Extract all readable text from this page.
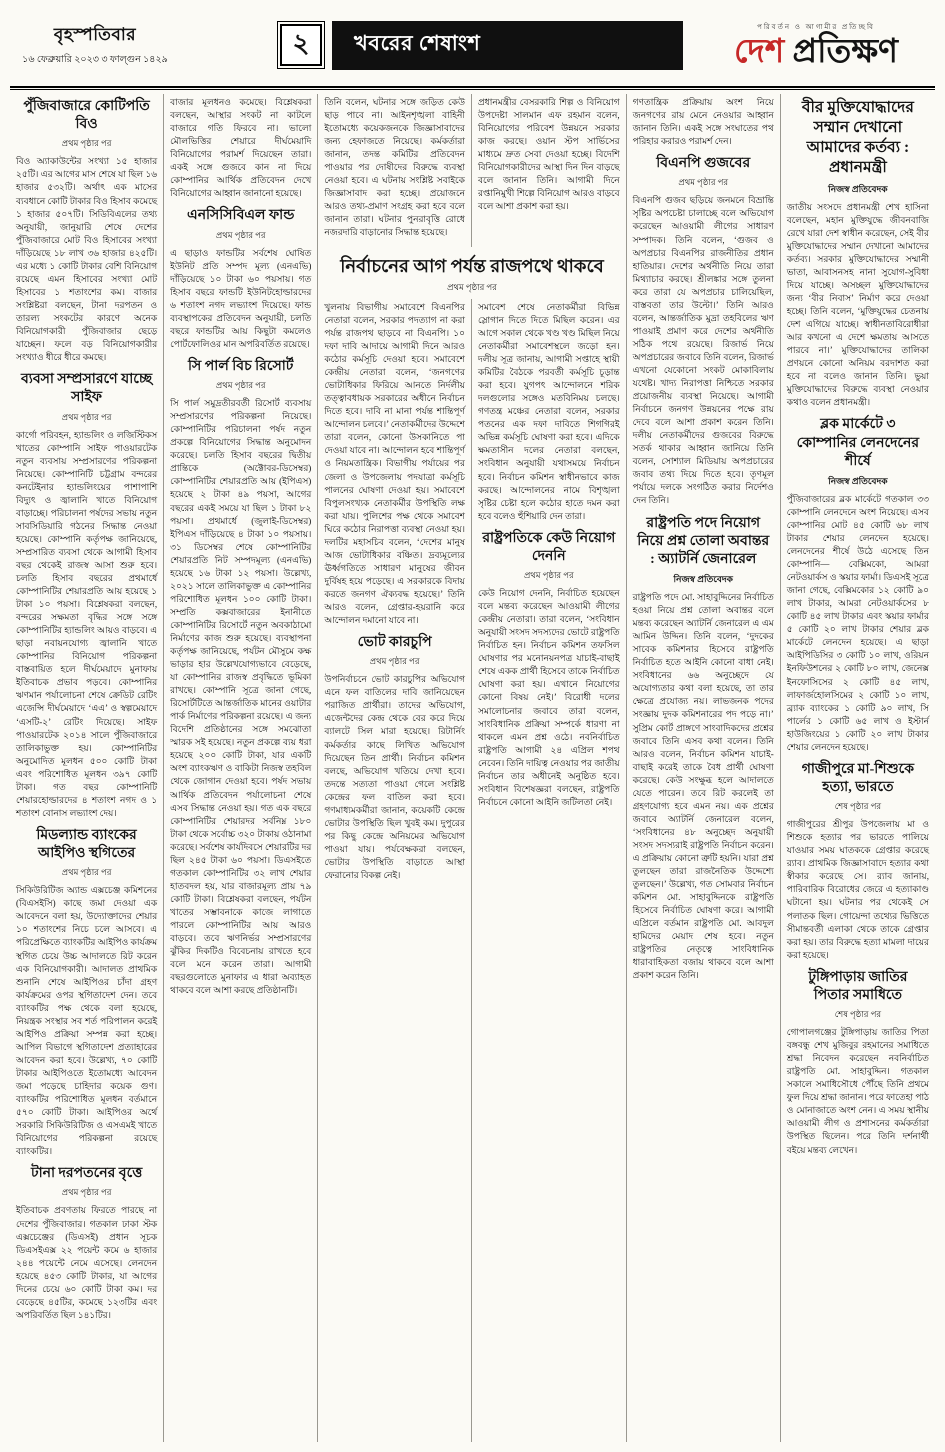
বৃহস্পতিবার
১৬ ফেব্রুয়ারি ২০২৩ ৩ ফাল্গুন ১৪২৯
২	খবরের শেষাংশ
পরিবর্তন ও আগামীর প্রতিচ্ছবি
দেশ প্রতিক্ষণ
পুঁজিবাজারে কোটিপতি বিও
প্রথম পৃষ্ঠার পর

বিও অ্যাকাউন্টের সংখ্যা ১৫ হাজার ২৫টি। এর আগের মাস শেষে যা ছিল ১৬ হাজার ৫৩২টি। অর্থাৎ এক মাসের ব্যবধানে কোটি টাকার বিও হিসাব কমেছে ১ হাজার ৫০৭টি। সিডিবিএলের তথ্য অনুযায়ী, জানুয়ারি শেষে দেশের পুঁজিবাজারে মোট বিও হিসাবের সংখ্যা দাঁড়িয়েছে ১৮ লাখ ৩৬ হাজার ৪২৫টি। এর মধ্যে ১ কোটি টাকার বেশি বিনিয়োগ রয়েছে এমন হিসাবের সংখ্যা মোট হিসাবের ১ শতাংশের কম। বাজার সংশ্লিষ্টরা বলছেন, টানা দরপতন ও তারল্য সংকটের কারণে অনেক বিনিয়োগকারী পুঁজিবাজার ছেড়ে যাচ্ছেন। ফলে বড় বিনিয়োগকারীর সংখ্যাও ধীরে ধীরে কমছে।

ব্যবসা সম্প্রসারণে যাচ্ছে সাইফ
প্রথম পৃষ্ঠার পর

কার্গো পরিবহন, হ্যান্ডলিং ও লজিস্টিকস খাতের কোম্পানি সাইফ পাওয়ারটেক নতুন ব্যবসায় সম্প্রসারণের পরিকল্পনা নিয়েছে। কোম্পানিটি চট্টগ্রাম বন্দরের কনটেইনার হ্যান্ডলিংয়ের পাশাপাশি বিদ্যুৎ ও জ্বালানি খাতে বিনিয়োগ বাড়াচ্ছে। পরিচালনা পর্ষদের সভায় নতুন সাবসিডিয়ারি গঠনের সিদ্ধান্ত নেওয়া হয়েছে। কোম্পানি কর্তৃপক্ষ জানিয়েছে, সম্প্রসারিত ব্যবসা থেকে আগামী হিসাব বছর থেকেই রাজস্ব আসা শুরু হবে। চলতি হিসাব বছরের প্রথমার্ধে কোম্পানিটির শেয়ারপ্রতি আয় হয়েছে ১ টাকা ১০ পয়সা। বিশ্লেষকরা বলছেন, বন্দরের সক্ষমতা বৃদ্ধির সঙ্গে সঙ্গে কোম্পানিটির হ্যান্ডলিং আয়ও বাড়বে। এ ছাড়া নবায়নযোগ্য জ্বালানি খাতে কোম্পানির বিনিয়োগ পরিকল্পনা বাস্তবায়িত হলে দীর্ঘমেয়াদে মুনাফায় ইতিবাচক প্রভাব পড়বে। কোম্পানির ঋণমান পর্যালোচনা শেষে ক্রেডিট রেটিং এজেন্সি দীর্ঘমেয়াদে ‘এএ’ ও স্বল্পমেয়াদে ‘এসটি-২’ রেটিং দিয়েছে। সাইফ পাওয়ারটেক ২০১৪ সালে পুঁজিবাজারে তালিকাভুক্ত হয়। কোম্পানিটির অনুমোদিত মূলধন ৫০০ কোটি টাকা এবং পরিশোধিত মূলধন ৩৯৭ কোটি টাকা। গত বছর কোম্পানিটি শেয়ারহোল্ডারদের ৪ শতাংশ নগদ ও ১ শতাংশ বোনাস লভ্যাংশ দেয়।

মিডল্যান্ড ব্যাংকের আইপিও স্থগিতের
প্রথম পৃষ্ঠার পর

সিকিউরিটিজ অ্যান্ড এক্সচেঞ্জ কমিশনের (বিএসইসি) কাছে জমা দেওয়া এক আবেদনে বলা হয়, উদ্যোক্তাদের শেয়ার ১০ শতাংশের নিচে চলে আসবে। এ পরিপ্রেক্ষিতে ব্যাংকটির আইপিও কার্যক্রম স্থগিত চেয়ে উচ্চ আদালতে রিট করেন এক বিনিয়োগকারী। আদালত প্রাথমিক শুনানি শেষে আইপিওর চাঁদা গ্রহণ কার্যক্রমের ওপর স্থগিতাদেশ দেন। তবে ব্যাংকটির পক্ষ থেকে বলা হয়েছে, নিয়ন্ত্রক সংস্থার সব শর্ত পরিপালন করেই আইপিও প্রক্রিয়া সম্পন্ন করা হচ্ছে। আপিল বিভাগে স্থগিতাদেশ প্রত্যাহারের আবেদন করা হবে। উল্লেখ্য, ৭০ কোটি টাকার আইপিওতে ইতোমধ্যে আবেদন জমা পড়েছে চাহিদার কয়েক গুণ। ব্যাংকটির পরিশোধিত মূলধন বর্তমানে ৫৭০ কোটি টাকা। আইপিওর অর্থে সরকারি সিকিউরিটিজ ও এসএমই খাতে বিনিয়োগের পরিকল্পনা রয়েছে ব্যাংকটির।

টানা দরপতনের বৃত্তে
প্রথম পৃষ্ঠার পর

ইতিবাচক প্রবণতায় ফিরতে পারছে না দেশের পুঁজিবাজার। গতকাল ঢাকা স্টক এক্সচেঞ্জের (ডিএসই) প্রধান সূচক ডিএসইএক্স ২২ পয়েন্ট কমে ৬ হাজার ২৪৪ পয়েন্টে নেমে এসেছে। লেনদেন হয়েছে ৪৫৩ কোটি টাকার, যা আগের দিনের চেয়ে ৬০ কোটি টাকা কম। দর বেড়েছে ৪৫টির, কমেছে ১২৩টির এবং অপরিবর্তিত ছিল ১৪১টির।

বাজার মূলধনও কমেছে। বিশ্লেষকরা বলছেন, আস্থার সংকট না কাটলে বাজারে গতি ফিরবে না। ভালো মৌলভিত্তির শেয়ারে দীর্ঘমেয়াদি বিনিয়োগের পরামর্শ দিয়েছেন তারা। একই সঙ্গে গুজবে কান না দিয়ে কোম্পানির আর্থিক প্রতিবেদন দেখে বিনিয়োগের আহ্বান জানানো হয়েছে।

এনসিসিবিএল ফান্ড
প্রথম পৃষ্ঠার পর

এ ছাড়াও ফান্ডটির সর্বশেষ ঘোষিত ইউনিট প্রতি সম্পদ মূল্য (এনএভি) দাঁড়িয়েছে ১০ টাকা ৬০ পয়সায়। গত হিসাব বছরে ফান্ডটি ইউনিটহোল্ডারদের ৬ শতাংশ নগদ লভ্যাংশ দিয়েছে। ফান্ড ব্যবস্থাপকের প্রতিবেদন অনুযায়ী, চলতি বছরে ফান্ডটির আয় কিছুটা কমলেও পোর্টফোলিওর মান অপরিবর্তিত রয়েছে।

সি পার্ল বিচ রিসোর্ট
প্রথম পৃষ্ঠার পর

সি পার্ল সমুদ্রতীরবর্তী রিসোর্ট ব্যবসায় সম্প্রসারণের পরিকল্পনা নিয়েছে। কোম্পানিটির পরিচালনা পর্ষদ নতুন প্রকল্পে বিনিয়োগের সিদ্ধান্ত অনুমোদন করেছে। চলতি হিসাব বছরের দ্বিতীয় প্রান্তিকে (অক্টোবর-ডিসেম্বর) কোম্পানিটির শেয়ারপ্রতি আয় (ইপিএস) হয়েছে ২ টাকা ৪৯ পয়সা, আগের বছরের একই সময়ে যা ছিল ১ টাকা ৮২ পয়সা। প্রথমার্ধে (জুলাই-ডিসেম্বর) ইপিএস দাঁড়িয়েছে ৪ টাকা ১০ পয়সায়। ৩১ ডিসেম্বর শেষে কোম্পানিটির শেয়ারপ্রতি নিট সম্পদমূল্য (এনএভি) হয়েছে ১৬ টাকা ১২ পয়সা। উল্লেখ্য, ২০২১ সালে তালিকাভুক্ত এ কোম্পানির পরিশোধিত মূলধন ১০০ কোটি টাকা। সম্প্রতি কক্সবাজারের ইনানীতে কোম্পানিটির রিসোর্টে নতুন অবকাঠামো নির্মাণের কাজ শুরু হয়েছে। ব্যবস্থাপনা কর্তৃপক্ষ জানিয়েছে, পর্যটন মৌসুমে কক্ষ ভাড়ার হার উল্লেখযোগ্যভাবে বেড়েছে, যা কোম্পানির রাজস্ব প্রবৃদ্ধিতে ভূমিকা রাখছে। কোম্পানি সূত্রে জানা গেছে, রিসোর্টটিতে আন্তর্জাতিক মানের ওয়াটার পার্ক নির্মাণের পরিকল্পনা রয়েছে। এ জন্য বিদেশি প্রতিষ্ঠানের সঙ্গে সমঝোতা স্মারক সই হয়েছে। নতুন প্রকল্পে ব্যয় ধরা হয়েছে ২০০ কোটি টাকা, যার একটি অংশ ব্যাংকঋণ ও বাকিটা নিজস্ব তহবিল থেকে জোগান দেওয়া হবে। পর্ষদ সভায় আর্থিক প্রতিবেদন পর্যালোচনা শেষে এসব সিদ্ধান্ত নেওয়া হয়। গত এক বছরে কোম্পানিটির শেয়ারদর সর্বনিম্ন ১৮০ টাকা থেকে সর্বোচ্চ ৩২০ টাকায় ওঠানামা করেছে। সর্বশেষ কার্যদিবসে শেয়ারটির দর ছিল ২৪৫ টাকা ৬০ পয়সা। ডিএসইতে গতকাল কোম্পানিটির ৩২ লাখ শেয়ার হাতবদল হয়, যার বাজারমূল্য প্রায় ৭৯ কোটি টাকা। বিশ্লেষকরা বলছেন, পর্যটন খাতের সম্ভাবনাকে কাজে লাগাতে পারলে কোম্পানিটির আয় আরও বাড়বে। তবে ঋণনির্ভর সম্প্রসারণের ঝুঁকির দিকটিও বিবেচনায় রাখতে হবে বলে মনে করেন তারা। আগামী বছরগুলোতে মুনাফার এ ধারা অব্যাহত থাকবে বলে আশা করছে প্রতিষ্ঠানটি।

তিনি বলেন, ঘটনার সঙ্গে জড়িত কেউ ছাড় পাবে না। আইনশৃঙ্খলা বাহিনী ইতোমধ্যে কয়েকজনকে জিজ্ঞাসাবাদের জন্য হেফাজতে নিয়েছে। কর্মকর্তারা জানান, তদন্ত কমিটির প্রতিবেদন পাওয়ার পর দোষীদের বিরুদ্ধে ব্যবস্থা নেওয়া হবে। এ ঘটনায় সংশ্লিষ্ট সবাইকে জিজ্ঞাসাবাদ করা হচ্ছে। প্রয়োজনে আরও তথ্য-প্রমাণ সংগ্রহ করা হবে বলে জানান তারা। ঘটনার পুনরাবৃত্তি রোধে নজরদারি বাড়ানোর সিদ্ধান্ত হয়েছে।

প্রধানমন্ত্রীর বেসরকারি শিল্প ও বিনিয়োগ উপদেষ্টা সালমান এফ রহমান বলেন, বিনিয়োগের পরিবেশ উন্নয়নে সরকার কাজ করছে। ওয়ান স্টপ সার্ভিসের মাধ্যমে দ্রুত সেবা দেওয়া হচ্ছে। বিদেশি বিনিয়োগকারীদের আস্থা দিন দিন বাড়ছে বলে জানান তিনি। আগামী দিনে রপ্তানিমুখী শিল্পে বিনিয়োগ আরও বাড়বে বলে আশা প্রকাশ করা হয়।

নির্বাচনের আগ পর্যন্ত রাজপথে থাকবে
প্রথম পৃষ্ঠার পর

খুলনায় বিভাগীয় সমাবেশে বিএনপির নেতারা বলেন, সরকার পদত্যাগ না করা পর্যন্ত রাজপথ ছাড়বে না বিএনপি। ১০ দফা দাবি আদায়ে আগামী দিনে আরও কঠোর কর্মসূচি দেওয়া হবে। সমাবেশে কেন্দ্রীয় নেতারা বলেন, ‘জনগণের ভোটাধিকার ফিরিয়ে আনতে নির্দলীয় তত্ত্বাবধায়ক সরকারের অধীনে নির্বাচন দিতে হবে। দাবি না মানা পর্যন্ত শান্তিপূর্ণ আন্দোলন চলবে।’ নেতাকর্মীদের উদ্দেশে তারা বলেন, কোনো উসকানিতে পা দেওয়া যাবে না। আন্দোলন হবে শান্তিপূর্ণ ও নিয়মতান্ত্রিক। বিভাগীয় পর্যায়ের পর জেলা ও উপজেলায় পদযাত্রা কর্মসূচি পালনের ঘোষণা দেওয়া হয়। সমাবেশে বিপুলসংখ্যক নেতাকর্মীর উপস্থিতি লক্ষ করা যায়। পুলিশের পক্ষ থেকে সমাবেশ ঘিরে কঠোর নিরাপত্তা ব্যবস্থা নেওয়া হয়। দলটির মহাসচিব বলেন, ‘দেশের মানুষ আজ ভোটাধিকার বঞ্চিত। দ্রব্যমূল্যের ঊর্ধ্বগতিতে সাধারণ মানুষের জীবন দুর্বিষহ হয়ে পড়েছে। এ সরকারকে বিদায় করতে জনগণ ঐক্যবদ্ধ হয়েছে।’ তিনি আরও বলেন, গ্রেপ্তার-হয়রানি করে আন্দোলন দমানো যাবে না।

ভোট কারচুপি
প্রথম পৃষ্ঠার পর

উপনির্বাচনে ভোট কারচুপির অভিযোগ এনে ফল বাতিলের দাবি জানিয়েছেন পরাজিত প্রার্থীরা। তাদের অভিযোগ, এজেন্টদের কেন্দ্র থেকে বের করে দিয়ে ব্যালটে সিল মারা হয়েছে। রিটার্নিং কর্মকর্তার কাছে লিখিত অভিযোগ দিয়েছেন তিন প্রার্থী। নির্বাচন কমিশন বলছে, অভিযোগ খতিয়ে দেখা হবে। তদন্তে সত্যতা পাওয়া গেলে সংশ্লিষ্ট কেন্দ্রের ফল বাতিল করা হবে। গণমাধ্যমকর্মীরা জানান, কয়েকটি কেন্দ্রে ভোটার উপস্থিতি ছিল খুবই কম। দুপুরের পর কিছু কেন্দ্রে অনিয়মের অভিযোগ পাওয়া যায়। পর্যবেক্ষকরা বলছেন, ভোটার উপস্থিতি বাড়াতে আস্থা ফেরানোর বিকল্প নেই।

সমাবেশ শেষে নেতাকর্মীরা বিভিন্ন স্লোগান দিতে দিতে মিছিল করেন। এর আগে সকাল থেকে খণ্ড খণ্ড মিছিল নিয়ে নেতাকর্মীরা সমাবেশস্থলে জড়ো হন। দলীয় সূত্র জানায়, আগামী সপ্তাহে স্থায়ী কমিটির বৈঠকে পরবর্তী কর্মসূচি চূড়ান্ত করা হবে। যুগপৎ আন্দোলনে শরিক দলগুলোর সঙ্গেও মতবিনিময় চলছে। গণতন্ত্র মঞ্চের নেতারা বলেন, সরকার পতনের এক দফা দাবিতে শিগগিরই অভিন্ন কর্মসূচি ঘোষণা করা হবে। এদিকে ক্ষমতাসীন দলের নেতারা বলছেন, সংবিধান অনুযায়ী যথাসময়ে নির্বাচন হবে। নির্বাচন কমিশন স্বাধীনভাবে কাজ করছে। আন্দোলনের নামে বিশৃঙ্খলা সৃষ্টির চেষ্টা হলে কঠোর হাতে দমন করা হবে বলেও হুঁশিয়ারি দেন তারা।

রাষ্ট্রপতিকে কেউ নিয়োগ দেননি
প্রথম পৃষ্ঠার পর

কেউ নিয়োগ দেননি, নির্বাচিত হয়েছেন বলে মন্তব্য করেছেন আওয়ামী লীগের কেন্দ্রীয় নেতারা। তারা বলেন, ‘সংবিধান অনুযায়ী সংসদ সদস্যদের ভোটে রাষ্ট্রপতি নির্বাচিত হন। নির্বাচন কমিশন তফসিল ঘোষণার পর মনোনয়নপত্র যাচাই-বাছাই শেষে একক প্রার্থী হিসেবে তাকে নির্বাচিত ঘোষণা করা হয়। এখানে নিয়োগের কোনো বিষয় নেই।’ বিরোধী দলের সমালোচনার জবাবে তারা বলেন, সাংবিধানিক প্রক্রিয়া সম্পর্কে ধারণা না থাকলে এমন প্রশ্ন ওঠে। নবনির্বাচিত রাষ্ট্রপতি আগামী ২৪ এপ্রিল শপথ নেবেন। তিনি দায়িত্ব নেওয়ার পর জাতীয় নির্বাচন তার অধীনেই অনুষ্ঠিত হবে। সংবিধান বিশেষজ্ঞরা বলছেন, রাষ্ট্রপতি নির্বাচনে কোনো আইনি জটিলতা নেই।

গণতান্ত্রিক প্রক্রিয়ায় অংশ নিয়ে জনগণের রায় মেনে নেওয়ার আহ্বান জানান তিনি। একই সঙ্গে সংঘাতের পথ পরিহার করারও পরামর্শ দেন।

বিএনপি গুজবের
প্রথম পৃষ্ঠার পর

বিএনপি গুজব ছড়িয়ে জনমনে বিভ্রান্তি সৃষ্টির অপচেষ্টা চালাচ্ছে বলে অভিযোগ করেছেন আওয়ামী লীগের সাধারণ সম্পাদক। তিনি বলেন, ‘গুজব ও অপপ্রচার বিএনপির রাজনীতির প্রধান হাতিয়ার। দেশের অর্থনীতি নিয়ে তারা মিথ্যাচার করছে। শ্রীলঙ্কার সঙ্গে তুলনা করে তারা যে অপপ্রচার চালিয়েছিল, বাস্তবতা তার উল্টো।’ তিনি আরও বলেন, আন্তর্জাতিক মুদ্রা তহবিলের ঋণ পাওয়াই প্রমাণ করে দেশের অর্থনীতি সঠিক পথে রয়েছে। রিজার্ভ নিয়ে অপপ্রচারের জবাবে তিনি বলেন, রিজার্ভ এখনো যেকোনো সংকট মোকাবিলায় যথেষ্ট। খাদ্য নিরাপত্তা নিশ্চিতে সরকার প্রয়োজনীয় ব্যবস্থা নিয়েছে। আগামী নির্বাচনে জনগণ উন্নয়নের পক্ষে রায় দেবে বলে আশা প্রকাশ করেন তিনি। দলীয় নেতাকর্মীদের গুজবের বিরুদ্ধে সতর্ক থাকার আহ্বান জানিয়ে তিনি বলেন, সোশ্যাল মিডিয়ায় অপপ্রচারের জবাব তথ্য দিয়ে দিতে হবে। তৃণমূল পর্যায়ে দলকে সংগঠিত করার নির্দেশও দেন তিনি।

রাষ্ট্রপতি পদে নিয়োগ নিয়ে প্রশ্ন তোলা অবান্তর : অ্যাটর্নি জেনারেল
নিজস্ব প্রতিবেদক

রাষ্ট্রপতি পদে মো. সাহাবুদ্দিনের নির্বাচিত হওয়া নিয়ে প্রশ্ন তোলা অবান্তর বলে মন্তব্য করেছেন অ্যাটর্নি জেনারেল এ এম আমিন উদ্দিন। তিনি বলেন, ‘দুদকের সাবেক কমিশনার হিসেবে রাষ্ট্রপতি নির্বাচিত হতে আইনি কোনো বাধা নেই। সংবিধানের ৬৬ অনুচ্ছেদে যে অযোগ্যতার কথা বলা হয়েছে, তা তার ক্ষেত্রে প্রযোজ্য নয়। লাভজনক পদের সংজ্ঞায় দুদক কমিশনারের পদ পড়ে না।’ সুপ্রিম কোর্ট প্রাঙ্গণে সাংবাদিকদের প্রশ্নের জবাবে তিনি এসব কথা বলেন। তিনি আরও বলেন, নির্বাচন কমিশন যাচাই-বাছাই করেই তাকে বৈধ প্রার্থী ঘোষণা করেছে। কেউ সংক্ষুব্ধ হলে আদালতে যেতে পারেন। তবে রিট করলেই তা গ্রহণযোগ্য হবে এমন নয়। এক প্রশ্নের জবাবে অ্যাটর্নি জেনারেল বলেন, ‘সংবিধানের ৪৮ অনুচ্ছেদ অনুযায়ী সংসদ সদস্যরাই রাষ্ট্রপতি নির্বাচন করেন। এ প্রক্রিয়ায় কোনো ত্রুটি হয়নি। যারা প্রশ্ন তুলছেন তারা রাজনৈতিক উদ্দেশ্যে তুলছেন।’ উল্লেখ্য, গত সোমবার নির্বাচন কমিশন মো. সাহাবুদ্দিনকে রাষ্ট্রপতি হিসেবে নির্বাচিত ঘোষণা করে। আগামী এপ্রিলে বর্তমান রাষ্ট্রপতি মো. আবদুল হামিদের মেয়াদ শেষ হবে। নতুন রাষ্ট্রপতির নেতৃত্বে সাংবিধানিক ধারাবাহিকতা বজায় থাকবে বলে আশা প্রকাশ করেন তিনি।

বীর মুক্তিযোদ্ধাদের সম্মান দেখানো আমাদের কর্তব্য : প্রধানমন্ত্রী
নিজস্ব প্রতিবেদক

জাতীয় সংসদে প্রধানমন্ত্রী শেখ হাসিনা বলেছেন, মহান মুক্তিযুদ্ধে জীবনবাজি রেখে যারা দেশ স্বাধীন করেছেন, সেই বীর মুক্তিযোদ্ধাদের সম্মান দেখানো আমাদের কর্তব্য। সরকার মুক্তিযোদ্ধাদের সম্মানী ভাতা, আবাসনসহ নানা সুযোগ-সুবিধা দিয়ে যাচ্ছে। অসচ্ছল মুক্তিযোদ্ধাদের জন্য ‘বীর নিবাস’ নির্মাণ করে দেওয়া হচ্ছে। তিনি বলেন, ‘মুক্তিযুদ্ধের চেতনায় দেশ এগিয়ে যাচ্ছে। স্বাধীনতাবিরোধীরা আর কখনো এ দেশে ক্ষমতায় আসতে পারবে না।’ মুক্তিযোদ্ধাদের তালিকা প্রণয়নে কোনো অনিয়ম বরদাশত করা হবে না বলেও জানান তিনি। ভুয়া মুক্তিযোদ্ধাদের বিরুদ্ধে ব্যবস্থা নেওয়ার কথাও বলেন প্রধানমন্ত্রী।

ব্লক মার্কেটে ৩ কোম্পানির লেনদেনের শীর্ষে
নিজস্ব প্রতিবেদক

পুঁজিবাজারের ব্লক মার্কেটে গতকাল ৩৩ কোম্পানি লেনদেনে অংশ নিয়েছে। এসব কোম্পানির মোট ৪৫ কোটি ৬৮ লাখ টাকার শেয়ার লেনদেন হয়েছে। লেনদেনের শীর্ষে উঠে এসেছে তিন কোম্পানি— বেক্সিমকো, আমরা নেটওয়ার্কস ও স্কয়ার ফার্মা। ডিএসই সূত্রে জানা গেছে, বেক্সিমকোর ১২ কোটি ৯০ লাখ টাকার, আমরা নেটওয়ার্কসের ৮ কোটি ৪৫ লাখ টাকার এবং স্কয়ার ফার্মার ৫ কোটি ২০ লাখ টাকার শেয়ার ব্লক মার্কেটে লেনদেন হয়েছে। এ ছাড়া আইপিডিসির ৩ কোটি ১০ লাখ, ওরিয়ন ইনফিউশনের ২ কোটি ৮০ লাখ, জেনেক্স ইনফোসিসের ২ কোটি ৪৫ লাখ, লাফার্জহোলসিমের ২ কোটি ১০ লাখ, ব্র্যাক ব্যাংকের ১ কোটি ৯০ লাখ, সি পার্লের ১ কোটি ৬৫ লাখ ও ইস্টার্ন হাউজিংয়ের ১ কোটি ২০ লাখ টাকার শেয়ার লেনদেন হয়েছে।

গাজীপুরে মা-শিশুকে হত্যা, ভারতে
শেষ পৃষ্ঠার পর

গাজীপুরের শ্রীপুর উপজেলায় মা ও শিশুকে হত্যার পর ভারতে পালিয়ে যাওয়ার সময় ঘাতককে গ্রেপ্তার করেছে র‌্যাব। প্রাথমিক জিজ্ঞাসাবাদে হত্যার কথা স্বীকার করেছে সে। র‌্যাব জানায়, পারিবারিক বিরোধের জেরে এ হত্যাকাণ্ড ঘটানো হয়। ঘটনার পর থেকেই সে পলাতক ছিল। গোয়েন্দা তথ্যের ভিত্তিতে সীমান্তবর্তী এলাকা থেকে তাকে গ্রেপ্তার করা হয়। তার বিরুদ্ধে হত্যা মামলা দায়ের করা হয়েছে।

টুঙ্গিপাড়ায় জাতির পিতার সমাধিতে
শেষ পৃষ্ঠার পর

গোপালগঞ্জের টুঙ্গিপাড়ায় জাতির পিতা বঙ্গবন্ধু শেখ মুজিবুর রহমানের সমাধিতে শ্রদ্ধা নিবেদন করেছেন নবনির্বাচিত রাষ্ট্রপতি মো. সাহাবুদ্দিন। গতকাল সকালে সমাধিসৌধে পৌঁছে তিনি প্রথমে ফুল দিয়ে শ্রদ্ধা জানান। পরে ফাতেহা পাঠ ও মোনাজাতে অংশ নেন। এ সময় স্থানীয় আওয়ামী লীগ ও প্রশাসনের কর্মকর্তারা উপস্থিত ছিলেন। পরে তিনি দর্শনার্থী বইয়ে মন্তব্য লেখেন।
